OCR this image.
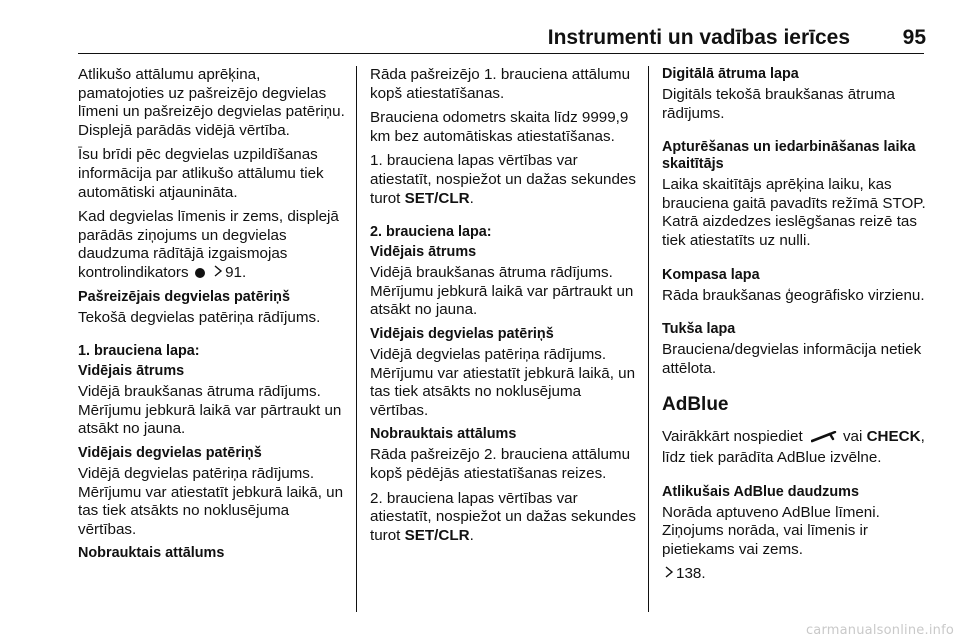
Instrumenti un vadības ierīces	95

Atlikušo attālumu aprēķina, pamatojoties uz pašreizējo degvielas līmeni un pašreizējo degvielas patēriņu. Displejā parādās vidējā vērtība.

Īsu brīdi pēc degvielas uzpildīšanas informācija par atlikušo attālumu tiek automātiski atjaunināta.

Kad degvielas līmenis ir zems, displejā parādās ziņojums un degvielas daudzuma rādītājā izgaismojas kontrolindikators 91.

Pašreizējais degvielas patēriņš

Tekošā degvielas patēriņa rādījums.

1. brauciena lapa:

Vidējais ātrums

Vidējā braukšanas ātruma rādījums. Mērījumu jebkurā laikā var pārtraukt un atsākt no jauna.

Vidējais degvielas patēriņš

Vidējā degvielas patēriņa rādījums. Mērījumu var atiestatīt jebkurā laikā, un tas tiek atsākts no noklusējuma vērtības.

Nobrauktais attālums

Rāda pašreizējo 1. brauciena attālumu kopš atiestatīšanas.

Brauciena odometrs skaita līdz 9999,9 km bez automātiskas atiestatīšanas.

1. brauciena lapas vērtības var atiestatīt, nospiežot un dažas sekundes turot SET/CLR.

2. brauciena lapa:

Vidējais ātrums

Vidējā braukšanas ātruma rādījums. Mērījumu jebkurā laikā var pārtraukt un atsākt no jauna.

Vidējais degvielas patēriņš

Vidējā degvielas patēriņa rādījums. Mērījumu var atiestatīt jebkurā laikā, un tas tiek atsākts no noklusējuma vērtības.

Nobrauktais attālums

Rāda pašreizējo 2. brauciena attālumu kopš pēdējās atiestatīšanas reizes.

2. brauciena lapas vērtības var atiestatīt, nospiežot un dažas sekundes turot SET/CLR.

Digitālā ātruma lapa

Digitāls tekošā braukšanas ātruma rādījums.

Apturēšanas un iedarbināšanas laika skaitītājs

Laika skaitītājs aprēķina laiku, kas brauciena gaitā pavadīts režīmā STOP. Katrā aizdedzes ieslēgšanas reizē tas tiek atiestatīts uz nulli.

Kompasa lapa

Rāda braukšanas ģeogrāfisko virzienu.

Tukša lapa

Brauciena/degvielas informācija netiek attēlota.

AdBlue

Vairākkārt nospiediet	vai CHECK, līdz tiek parādīta AdBlue izvēlne.

Atlikušais AdBlue daudzums

Norāda aptuveno AdBlue līmeni. Ziņojums norāda, vai līmenis ir pietiekams vai zems.

138.

carmanualsonline.info
